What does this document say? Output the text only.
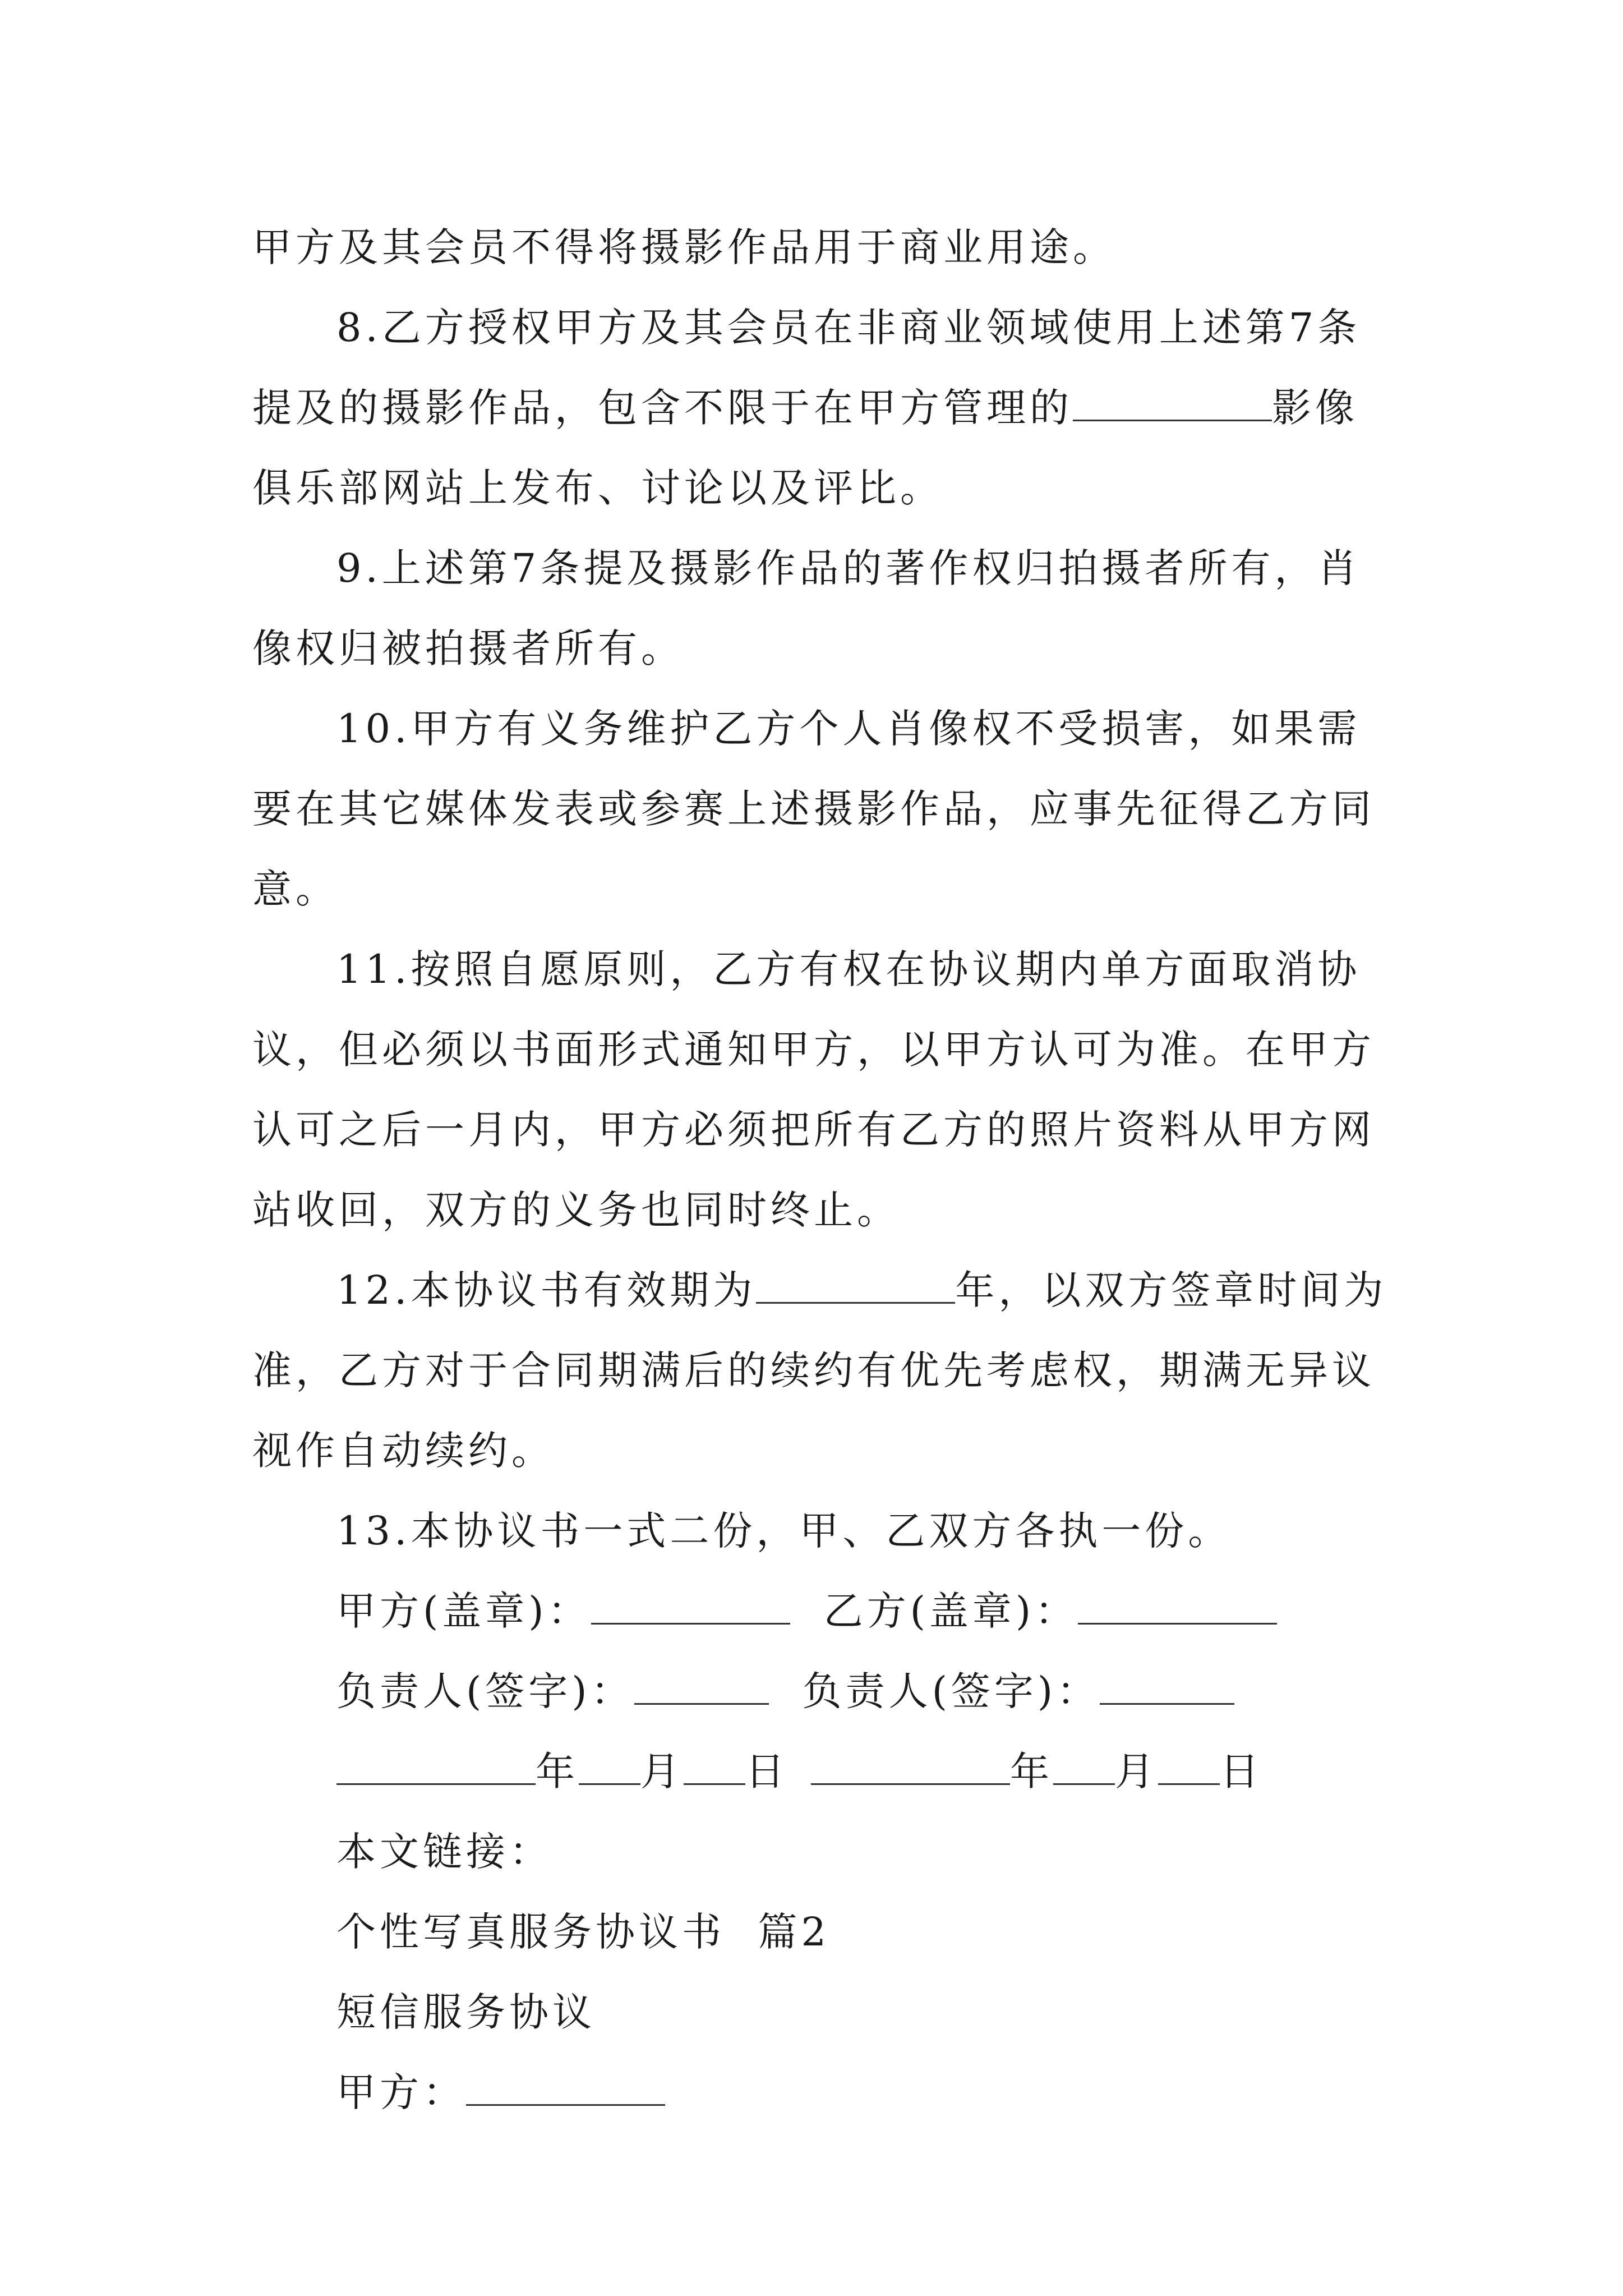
甲方及其会员不得将摄影作品用于商业用途。
8.乙方授权甲方及其会员在非商业领域使用上述第7条
提及的摄影作品，包含不限于在甲方管理的	影像
俱乐部网站上发布、讨论以及评比。
9.上述第7条提及摄影作品的著作权归拍摄者所有，肖
像权归被拍摄者所有。
10.甲方有义务维护乙方个人肖像权不受损害，如果需
要在其它媒体发表或参赛上述摄影作品，应事先征得乙方同
意。
11.按照自愿原则，乙方有权在协议期内单方面取消协
议，但必须以书面形式通知甲方，以甲方认可为准。在甲方
认可之后一月内，甲方必须把所有乙方的照片资料从甲方网
站收回，双方的义务也同时终止。
12.本协议书有效期为	年，以双方签章时间为
准，乙方对于合同期满后的续约有优先考虑权，期满无异议
视作自动续约。
13.本协议书一式二份，甲、乙双方各执一份。
甲方(盖章)：	乙方(盖章)：
负责人(签字)：	负责人(签字)：
年 月 日	年 月 日
本文链接：
个性写真服务协议书  篇2
短信服务协议
甲方：
